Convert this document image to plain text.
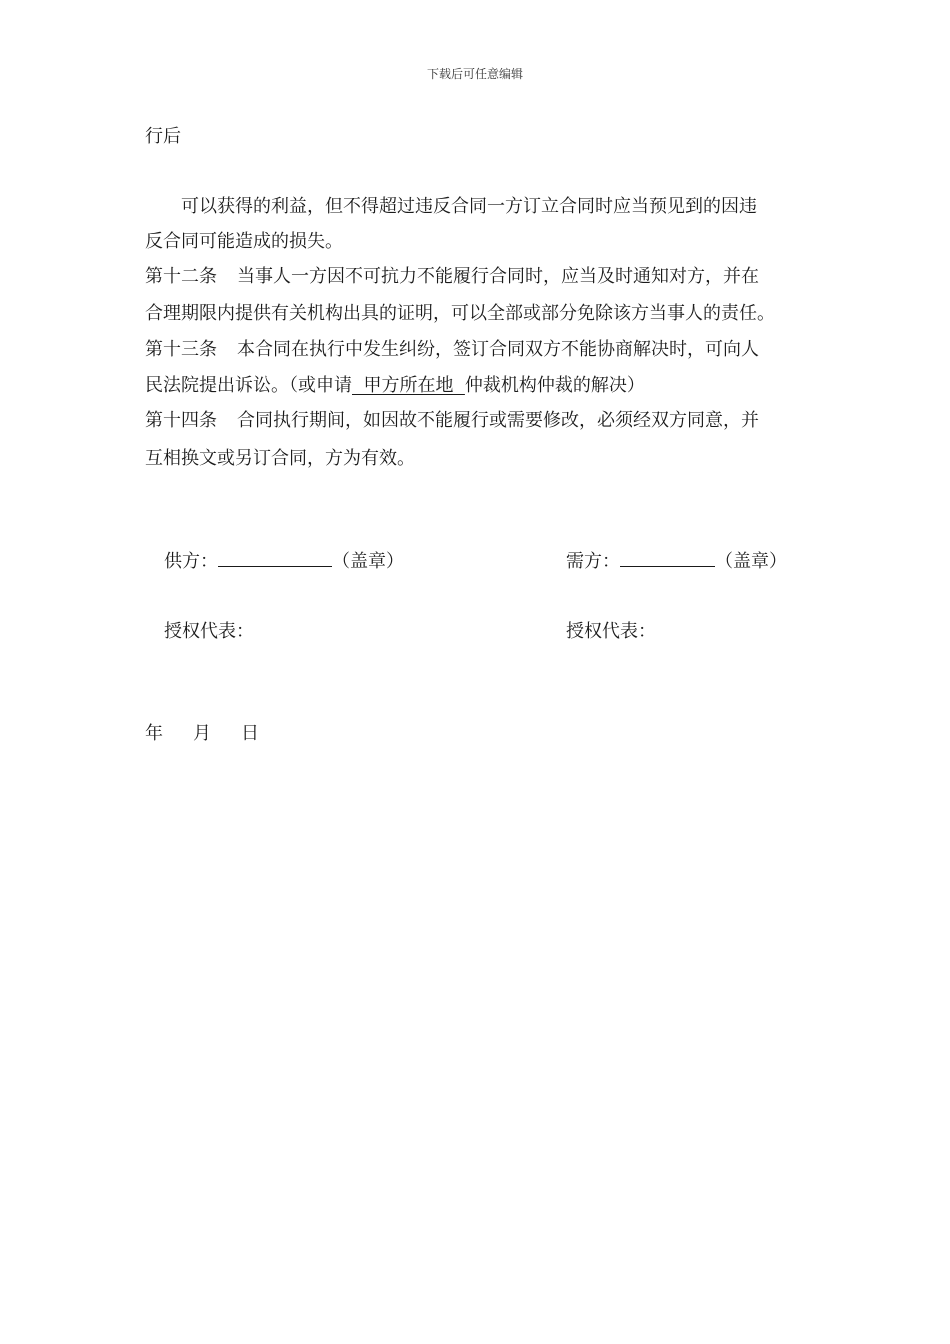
下载后可任意编辑
行后
可以获得的利益，但不得超过违反合同一方订立合同时应当预见到的因违
反合同可能造成的损失。
第十二条 当事人一方因不可抗力不能履行合同时，应当及时通知对方，并在
合理期限内提供有关机构出具的证明，可以全部或部分免除该方当事人的责任。
第十三条 本合同在执行中发生纠纷，签订合同双方不能协商解决时，可向人
民法院提出诉讼。（或申请  甲方所在地  仲裁机构仲裁的解决）
第十四条 合同执行期间，如因故不能履行或需要修改，必须经双方同意，并
互相换文或另订合同，方为有效。
供方：	（盖章）	需方：	（盖章）
授权代表：	授权代表：
年 月 日
